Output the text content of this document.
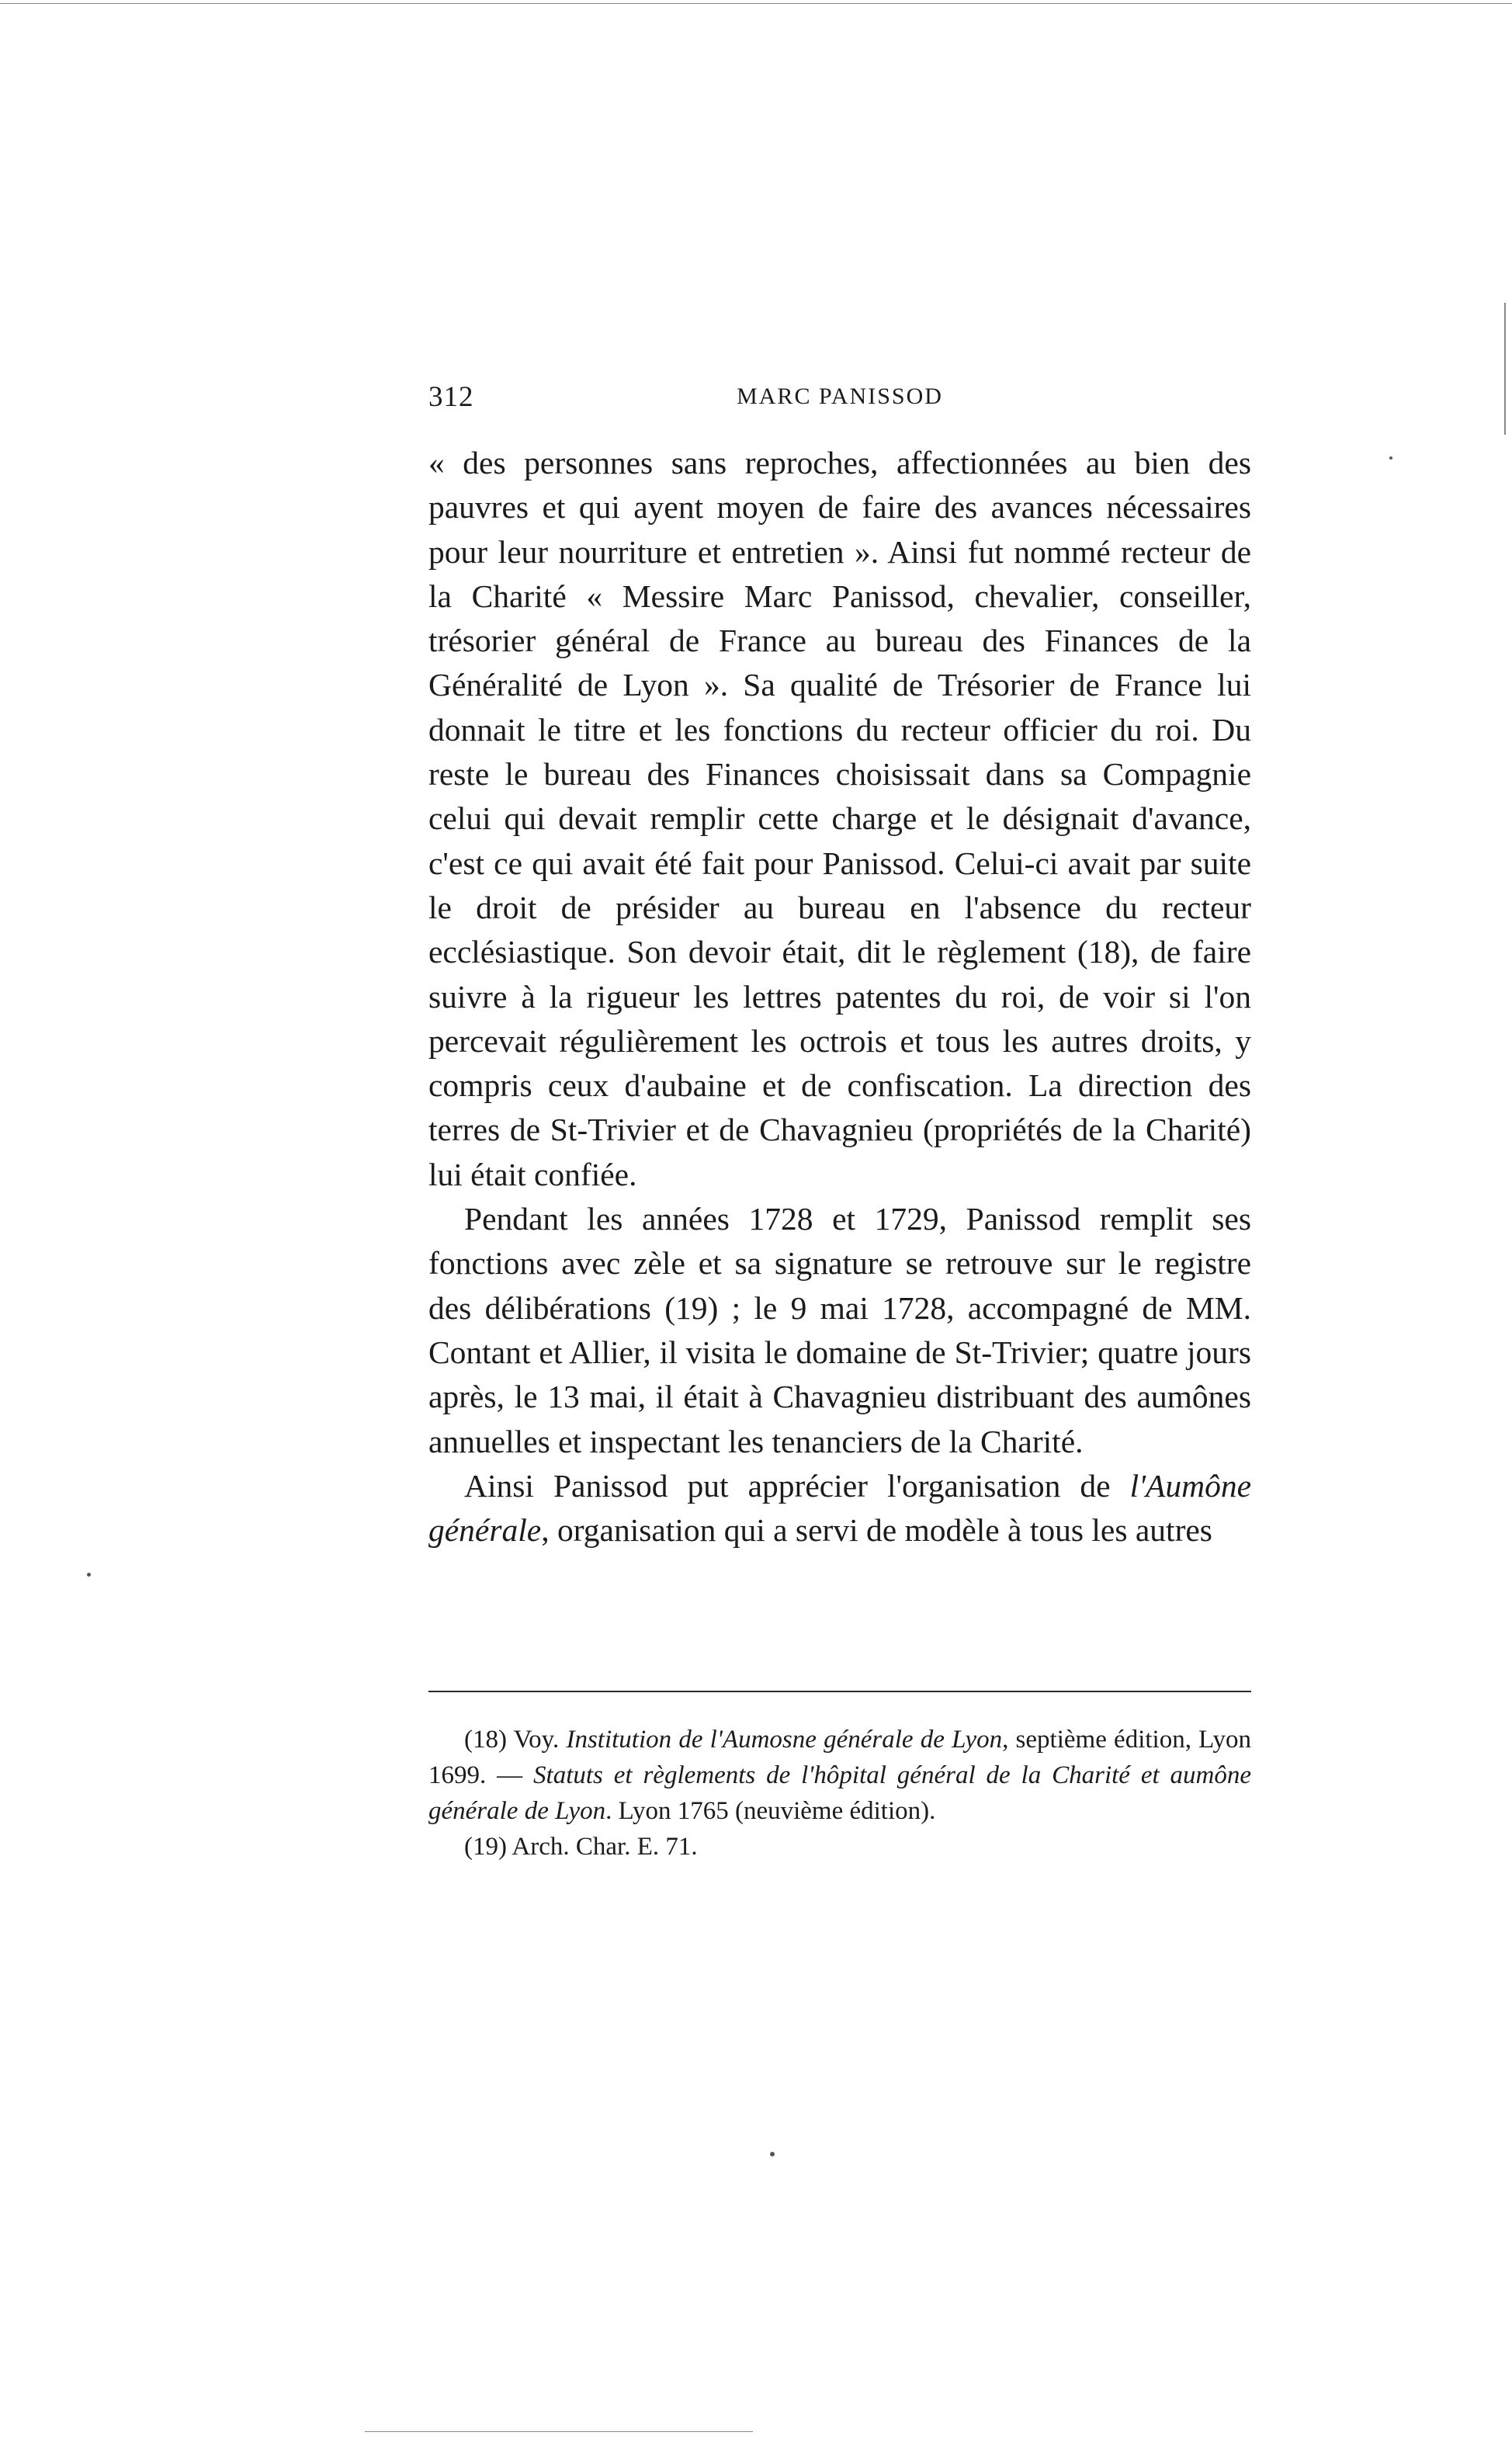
312	MARC PANISSOD

« des personnes sans reproches, affectionnées au bien des pauvres et qui ayent moyen de faire des avances nécessaires pour leur nourriture et entretien ». Ainsi fut nommé recteur de la Charité « Messire Marc Panissod, chevalier, conseiller, trésorier général de France au bureau des Finances de la Généralité de Lyon ». Sa qualité de Trésorier de France lui donnait le titre et les fonctions du recteur officier du roi. Du reste le bureau des Finances choisissait dans sa Compagnie celui qui devait remplir cette charge et le désignait d'avance, c'est ce qui avait été fait pour Panissod. Celui-ci avait par suite le droit de présider au bureau en l'absence du recteur ecclésiastique. Son devoir était, dit le règlement (18), de faire suivre à la rigueur les lettres patentes du roi, de voir si l'on percevait régulièrement les octrois et tous les autres droits, y compris ceux d'aubaine et de confiscation. La direction des terres de St-Trivier et de Chavagnieu (propriétés de la Charité) lui était confiée.

Pendant les années 1728 et 1729, Panissod remplit ses fonctions avec zèle et sa signature se retrouve sur le registre des délibérations (19) ; le 9 mai 1728, accompagné de MM. Contant et Allier, il visita le domaine de St-Trivier; quatre jours après, le 13 mai, il était à Chavagnieu distribuant des aumônes annuelles et inspectant les tenanciers de la Charité.

Ainsi Panissod put apprécier l'organisation de l'Aumône générale, organisation qui a servi de modèle à tous les autres

(18) Voy. Institution de l'Aumosne générale de Lyon, septième édition, Lyon 1699. — Statuts et règlements de l'hôpital général de la Charité et aumône générale de Lyon. Lyon 1765 (neuvième édition).

(19) Arch. Char. E. 71.
